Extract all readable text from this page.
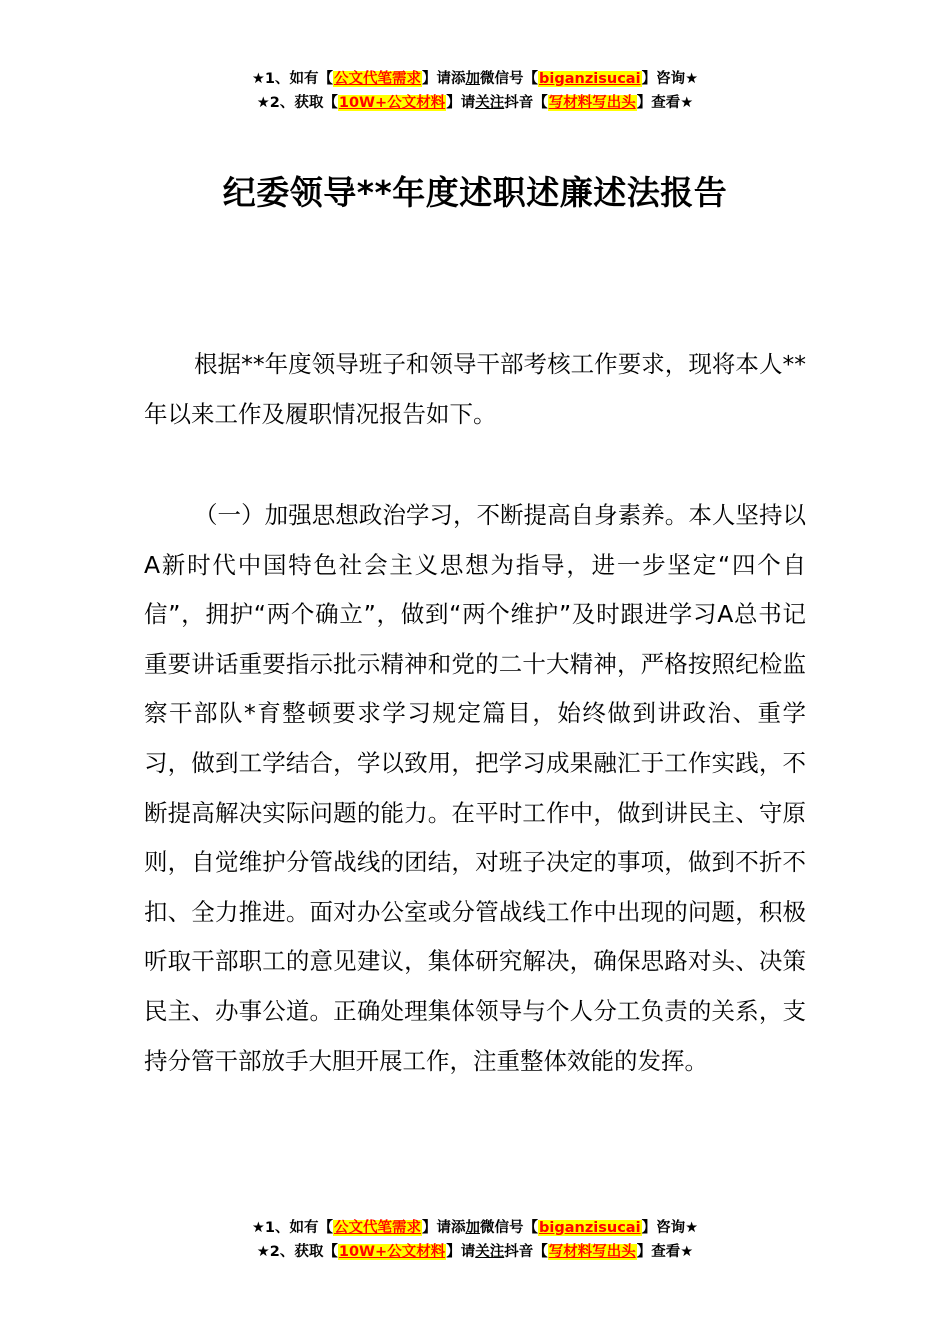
★1、如有【公文代笔需求】请添加微信号【biganzisucai】咨询★
★2、获取【10W+公文材料】请关注抖音【写材料写出头】查看★
纪委领导**年度述职述廉述法报告

根据**年度领导班子和领导干部考核工作要求，现将本人**年以来工作及履职情况报告如下。

（一）加强思想政治学习，不断提高自身素养。本人坚持以A新时代中国特色社会主义思想为指导，进一步坚定“四个自信”，拥护“两个确立”，做到“两个维护”及时跟进学习A总书记重要讲话重要指示批示精神和党的二十大精神，严格按照纪检监察干部队*育整顿要求学习规定篇目，始终做到讲政治、重学习，做到工学结合，学以致用，把学习成果融汇于工作实践，不断提高解决实际问题的能力。在平时工作中，做到讲民主、守原则，自觉维护分管战线的团结，对班子决定的事项，做到不折不扣、全力推进。面对办公室或分管战线工作中出现的问题，积极听取干部职工的意见建议，集体研究解决，确保思路对头、决策民主、办事公道。正确处理集体领导与个人分工负责的关系，支持分管干部放手大胆开展工作，注重整体效能的发挥。

★1、如有【公文代笔需求】请添加微信号【biganzisucai】咨询★
★2、获取【10W+公文材料】请关注抖音【写材料写出头】查看★
